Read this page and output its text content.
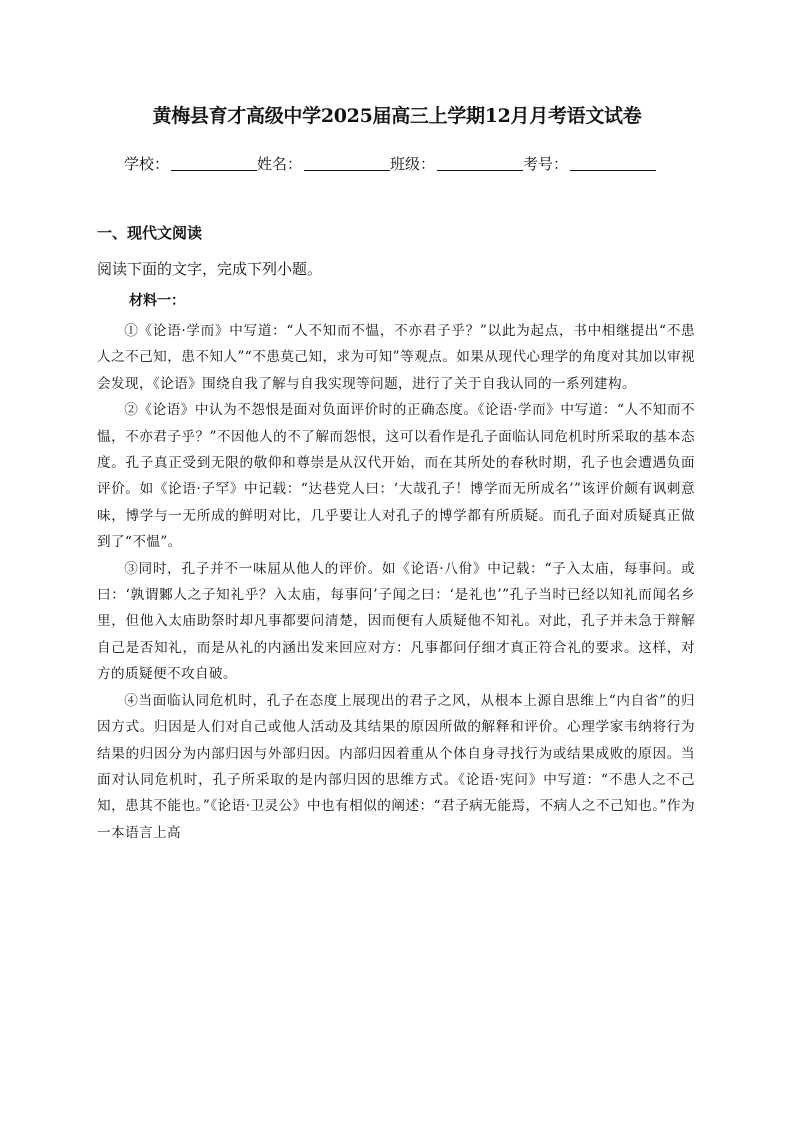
黄梅县育才高级中学2025届高三上学期12月月考语文试卷
学校：	姓名：	班级：	考号：
一、现代文阅读
阅读下面的文字，完成下列小题。
材料一：

①《论语·学而》中写道：“人不知而不愠，不亦君子乎？”以此为起点，书中相继提出“不患人之不己知，患不知人”“不患莫己知，求为可知”等观点。如果从现代心理学的角度对其加以审视会发现，《论语》围绕自我了解与自我实现等问题，进行了关于自我认同的一系列建构。

②《论语》中认为不怨恨是面对负面评价时的正确态度。《论语·学而》中写道：“人不知而不愠，不亦君子乎？”不因他人的不了解而怨恨，这可以看作是孔子面临认同危机时所采取的基本态度。孔子真正受到无限的敬仰和尊崇是从汉代开始，而在其所处的春秋时期，孔子也会遭遇负面评价。如《论语·子罕》中记载：“达巷党人曰：‘大哉孔子！博学而无所成名’”该评价颇有讽刺意味，博学与一无所成的鲜明对比，几乎要让人对孔子的博学都有所质疑。而孔子面对质疑真正做到了“不愠”。

③同时，孔子并不一味屈从他人的评价。如《论语·八佾》中记载：“子入太庙，每事问。或曰：‘孰谓鄹人之子知礼乎？入太庙，每事问’子闻之曰：‘是礼也’”孔子当时已经以知礼而闻名乡里，但他入太庙助祭时却凡事都要问清楚，因而便有人质疑他不知礼。对此，孔子并未急于辩解自己是否知礼，而是从礼的内涵出发来回应对方：凡事都问仔细才真正符合礼的要求。这样，对方的质疑便不攻自破。

④当面临认同危机时，孔子在态度上展现出的君子之风，从根本上源自思维上“内自省”的归因方式。归因是人们对自己或他人活动及其结果的原因所做的解释和评价。心理学家韦纳将行为结果的归因分为内部归因与外部归因。内部归因着重从个体自身寻找行为或结果成败的原因。当面对认同危机时，孔子所采取的是内部归因的思维方式。《论语·宪问》中写道：“不患人之不己知，患其不能也。”《论语·卫灵公》中也有相似的阐述：“君子病无能焉，不病人之不己知也。”作为一本语言上高
